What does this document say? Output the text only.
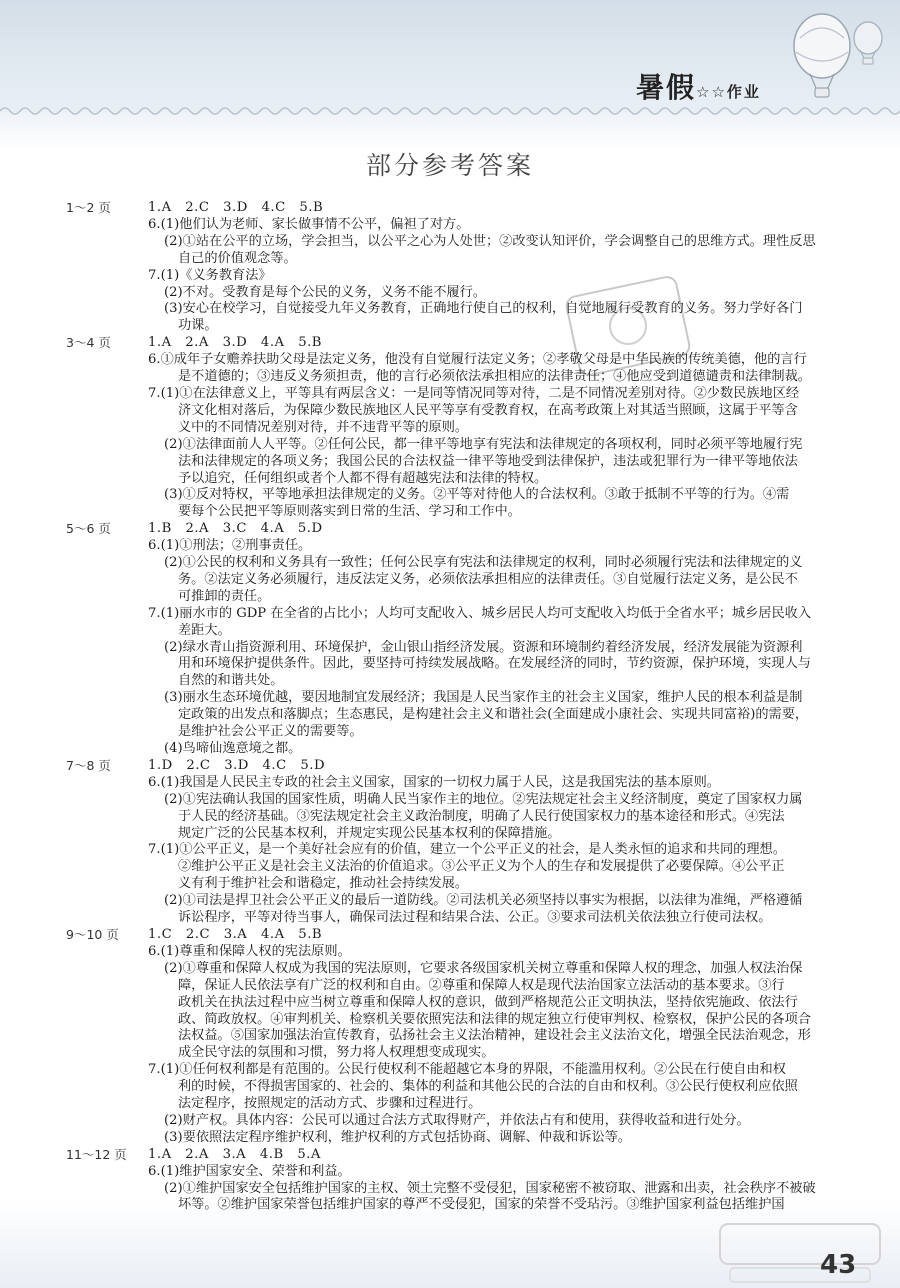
暑假☆☆作业
部分参考答案
1～2 页	1.A　2.C　3.D　4.C　5.B
6.(1)他们认为老师、家长做事情不公平，偏袒了对方。
(2)①站在公平的立场，学会担当，以公平之心为人处世；②改变认知评价，学会调整自己的思维方式。理性反思
自己的价值观念等。
7.(1)《义务教育法》
(2)不对。受教育是每个公民的义务，义务不能不履行。
(3)安心在校学习，自觉接受九年义务教育，正确地行使自己的权利，自觉地履行受教育的义务。努力学好各门
功课。
3～4 页	1.A　2.A　3.D　4.A　5.B
6.①成年子女赡养扶助父母是法定义务，他没有自觉履行法定义务；②孝敬父母是中华民族的传统美德，他的言行
是不道德的；③违反义务须担责，他的言行必须依法承担相应的法律责任；④他应受到道德谴责和法律制裁。
7.(1)①在法律意义上，平等具有两层含义：一是同等情况同等对待，二是不同情况差别对待。②少数民族地区经
济文化相对落后，为保障少数民族地区人民平等享有受教育权，在高考政策上对其适当照顾，这属于平等含
义中的不同情况差别对待，并不违背平等的原则。
(2)①法律面前人人平等。②任何公民，都一律平等地享有宪法和法律规定的各项权利，同时必须平等地履行宪
法和法律规定的各项义务；我国公民的合法权益一律平等地受到法律保护，违法或犯罪行为一律平等地依法
予以追究，任何组织或者个人都不得有超越宪法和法律的特权。
(3)①反对特权，平等地承担法律规定的义务。②平等对待他人的合法权利。③敢于抵制不平等的行为。④需
要每个公民把平等原则落实到日常的生活、学习和工作中。
5～6 页	1.B　2.A　3.C　4.A　5.D
6.(1)①刑法；②刑事责任。
(2)①公民的权利和义务具有一致性；任何公民享有宪法和法律规定的权利，同时必须履行宪法和法律规定的义
务。②法定义务必须履行，违反法定义务，必须依法承担相应的法律责任。③自觉履行法定义务，是公民不
可推卸的责任。
7.(1)丽水市的 GDP 在全省的占比小；人均可支配收入、城乡居民人均可支配收入均低于全省水平；城乡居民收入
差距大。
(2)绿水青山指资源利用、环境保护，金山银山指经济发展。资源和环境制约着经济发展，经济发展能为资源利
用和环境保护提供条件。因此，要坚持可持续发展战略。在发展经济的同时，节约资源，保护环境，实现人与
自然的和谐共处。
(3)丽水生态环境优越，要因地制宜发展经济；我国是人民当家作主的社会主义国家，维护人民的根本利益是制
定政策的出发点和落脚点；生态惠民，是构建社会主义和谐社会(全面建成小康社会、实现共同富裕)的需要，
是维护社会公平正义的需要等。
(4)鸟啼仙逸意境之都。
7～8 页	1.D　2.C　3.D　4.C　5.D
6.(1)我国是人民民主专政的社会主义国家，国家的一切权力属于人民，这是我国宪法的基本原则。
(2)①宪法确认我国的国家性质，明确人民当家作主的地位。②宪法规定社会主义经济制度，奠定了国家权力属
于人民的经济基础。③宪法规定社会主义政治制度，明确了人民行使国家权力的基本途径和形式。④宪法
规定广泛的公民基本权利，并规定实现公民基本权利的保障措施。
7.(1)①公平正义，是一个美好社会应有的价值，建立一个公平正义的社会，是人类永恒的追求和共同的理想。
②维护公平正义是社会主义法治的价值追求。③公平正义为个人的生存和发展提供了必要保障。④公平正
义有利于维护社会和谐稳定，推动社会持续发展。
(2)①司法是捍卫社会公平正义的最后一道防线。②司法机关必须坚持以事实为根据，以法律为准绳，严格遵循
诉讼程序，平等对待当事人，确保司法过程和结果合法、公正。③要求司法机关依法独立行使司法权。
9～10 页	1.C　2.C　3.A　4.A　5.B
6.(1)尊重和保障人权的宪法原则。
(2)①尊重和保障人权成为我国的宪法原则，它要求各级国家机关树立尊重和保障人权的理念，加强人权法治保
障，保证人民依法享有广泛的权利和自由。②尊重和保障人权是现代法治国家立法活动的基本要求。③行
政机关在执法过程中应当树立尊重和保障人权的意识，做到严格规范公正文明执法，坚持依宪施政、依法行
政、简政放权。④审判机关、检察机关要依照宪法和法律的规定独立行使审判权、检察权，保护公民的各项合
法权益。⑤国家加强法治宣传教育，弘扬社会主义法治精神，建设社会主义法治文化，增强全民法治观念，形
成全民守法的氛围和习惯，努力将人权理想变成现实。
7.(1)①任何权利都是有范围的。公民行使权利不能超越它本身的界限，不能滥用权利。②公民在行使自由和权
利的时候，不得损害国家的、社会的、集体的利益和其他公民的合法的自由和权利。③公民行使权利应依照
法定程序，按照规定的活动方式、步骤和过程进行。
(2)财产权。具体内容：公民可以通过合法方式取得财产，并依法占有和使用，获得收益和进行处分。
(3)要依照法定程序维护权利，维护权利的方式包括协商、调解、仲裁和诉讼等。
11～12 页	1.A　2.A　3.A　4.B　5.A
6.(1)维护国家安全、荣誉和利益。
(2)①维护国家安全包括维护国家的主权、领土完整不受侵犯，国家秘密不被窃取、泄露和出卖，社会秩序不被破
坏等。②维护国家荣誉包括维护国家的尊严不受侵犯，国家的荣誉不受玷污。③维护国家利益包括维护国
43
